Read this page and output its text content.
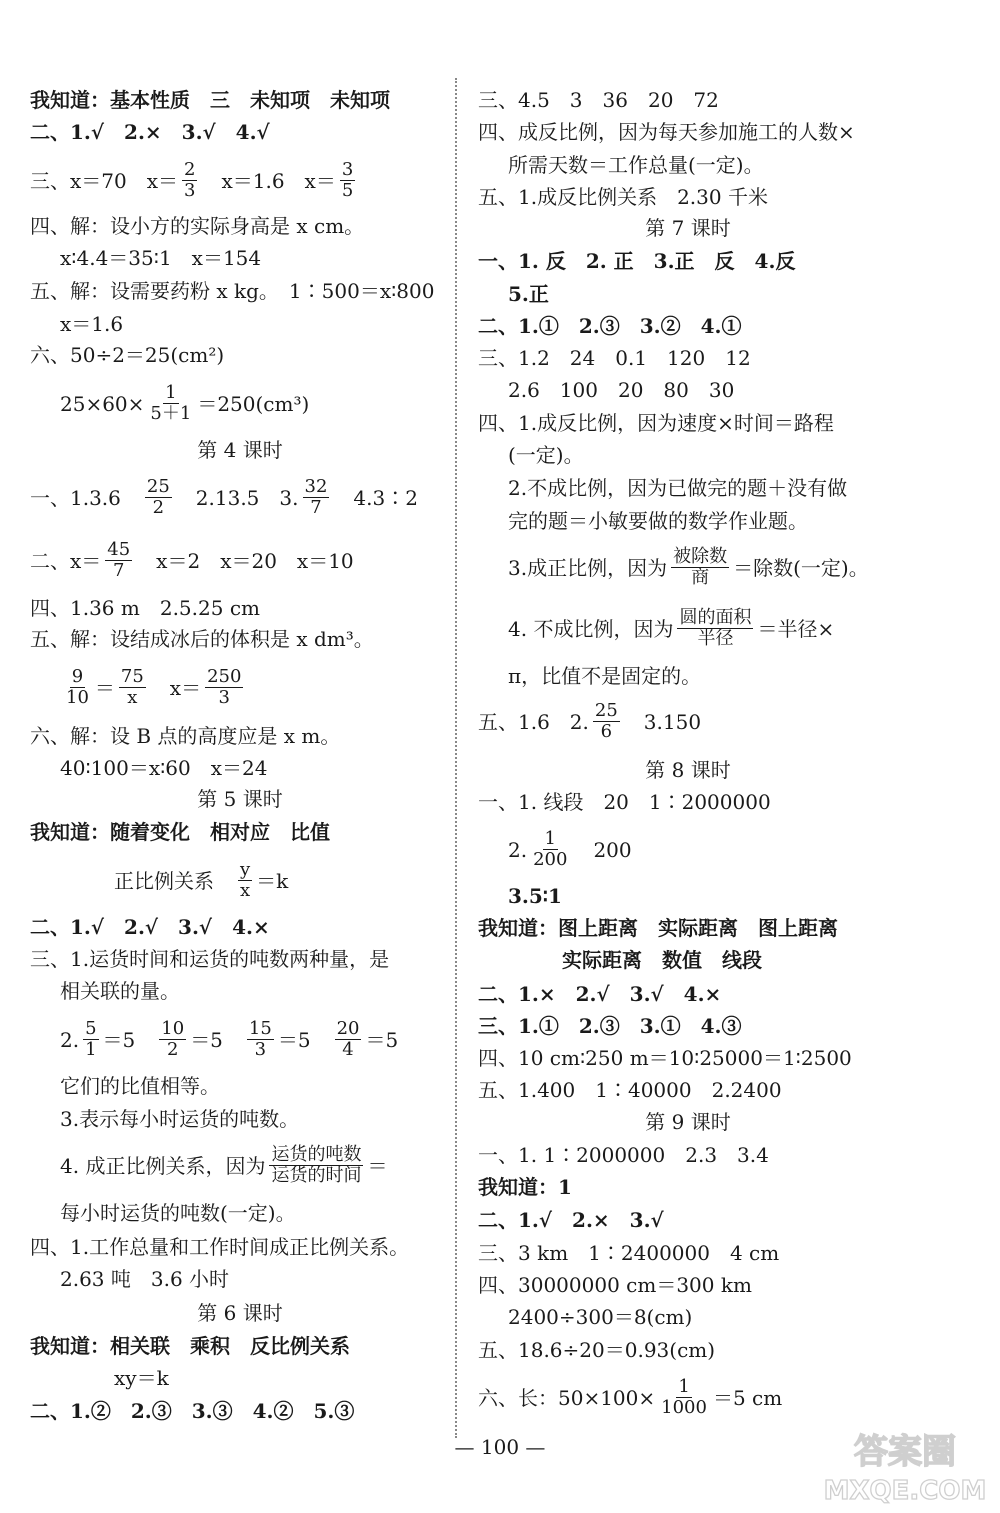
我知道：基本性质　三　未知项　未知项
二、1.√　2.×　3.√　4.√
三、x＝70　$x= \frac{2}{3}$ 　x＝1.6　$x= \frac{3}{5}$
四、解：设小方的实际身高是 x cm。
x∶4.4＝35∶1　x＝154
五、解：设需要药粉 x kg。　1∶500＝x∶800
x＝1.6
六、50÷2＝25(cm²)
$25\times 60\times \frac{1}{5+1} =250(cm^3)$
第 4 课时
一、1.3.6　 $\frac{25}{2}$ 　2.13.5　3. $\frac{32}{7}$ 　4.3∶2
二、$x= \frac{45}{7}$ 　x＝2　x＝20　x＝10
四、1.36 m　2.5.25 cm
五、解：设结成冰后的体积是 x dm³。
$\frac{9}{10} = \frac{75}{x}$ 　$x= \frac{250}{3}$
六、解：设 B 点的高度应是 x m。
40∶100＝x∶60　x＝24
第 5 课时
我知道：随着变化　相对应　比值
正比例关系　 $\frac{y}{x} =k$
二、1.√　2.√　3.√　4.×
三、1.运货时间和运货的吨数两种量，是
相关联的量。
2. $\frac{5}{1} =5$　 $\frac{10}{2} =5$　 $\frac{15}{3} =5$　 $\frac{20}{4} =5$
它们的比值相等。
3.表示每小时运货的吨数。
4. 成正比例关系，因为 $\frac{\text{运货的吨数}}{\text{运货的时间}}$ ＝
每小时运货的吨数(一定)。
四、1.工作总量和工作时间成正比例关系。
2.63 吨　3.6 小时
第 6 课时
我知道：相关联　乘积　反比例关系
xy＝k
二、1.②　2.③　3.③　4.②　5.③
三、4.5　3　36　20　72
四、成反比例，因为每天参加施工的人数×
所需天数＝工作总量(一定)。
五、1.成反比例关系　2.30 千米
第 7 课时
一、1. 反　2. 正　3.正　反　4.反
5.正
二、1.①　2.③　3.②　4.①
三、1.2　24　0.1　120　12
2.6　100　20　80　30
四、1.成反比例，因为速度×时间＝路程
(一定)。
2.不成比例，因为已做完的题＋没有做
完的题＝小敏要做的数学作业题。
3.成正比例，因为 $\frac{\text{被除数}}{\text{商}}$ ＝除数(一定)。
4. 不成比例，因为 $\frac{\text{圆的面积}}{\text{半径}}$ ＝半径×
π，比值不是固定的。
五、1.6　2. $\frac{25}{6}$ 　3.150
第 8 课时
一、1. 线段　20　1∶2000000
2. $\frac{1}{200}$ 　200
3.5∶1
我知道：图上距离　实际距离　图上距离
实际距离　数值　线段
二、1.×　2.√　3.√　4.×
三、1.①　2.③　3.①　4.③
四、10 cm∶250 m＝10∶25000＝1∶2500
五、1.400　1∶40000　2.2400
第 9 课时
一、1. 1∶2000000　2.3　3.4
我知道：1
二、1.√　2.×　3.√
三、3 km　1∶2400000　4 cm
四、30000000 cm＝300 km
2400÷300＝8(cm)
五、18.6÷20＝0.93(cm)
六、长：$50\times 100\times \frac{1}{1000} =5$ cm
— 100 —	答案圈
MXQE.COM
